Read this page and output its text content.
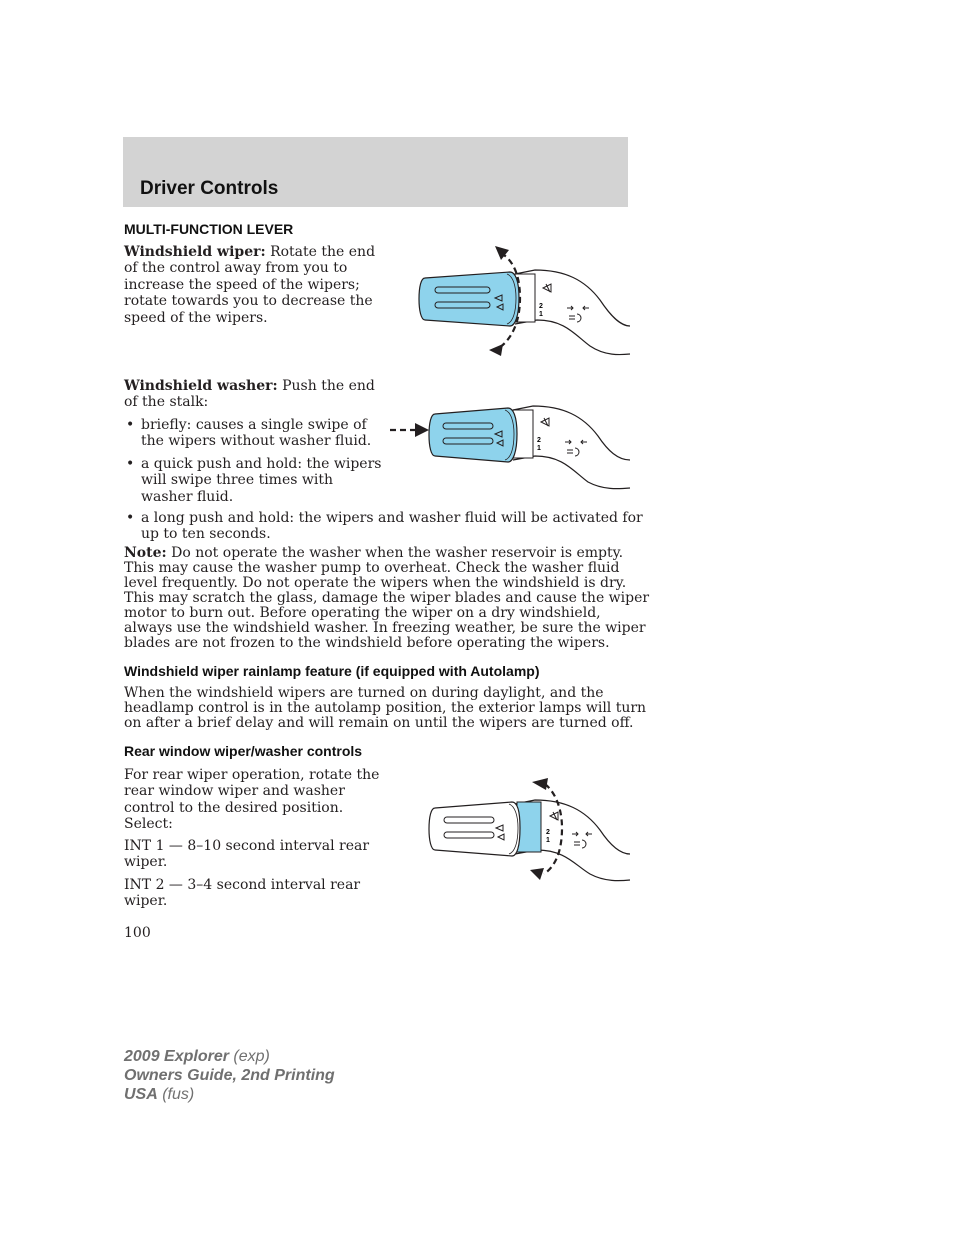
Driver Controls
MULTI-FUNCTION LEVER
Windshield wiper: Rotate the end
of the control away from you to
increase the speed of the wipers;
rotate towards you to decrease the
speed of the wipers.
2
1
Windshield washer: Push the end
of the stalk:
• briefly: causes a single swipe of
the wipers without washer fluid.
• a quick push and hold: the wipers
will swipe three times with
washer fluid.
• a long push and hold: the wipers and washer fluid will be activated for
up to ten seconds.
2
1
Note: Do not operate the washer when the washer reservoir is empty.
This may cause the washer pump to overheat. Check the washer fluid
level frequently. Do not operate the wipers when the windshield is dry.
This may scratch the glass, damage the wiper blades and cause the wiper
motor to burn out. Before operating the wiper on a dry windshield,
always use the windshield washer. In freezing weather, be sure the wiper
blades are not frozen to the windshield before operating the wipers.
Windshield wiper rainlamp feature (if equipped with Autolamp)
When the windshield wipers are turned on during daylight, and the
headlamp control is in the autolamp position, the exterior lamps will turn
on after a brief delay and will remain on until the wipers are turned off.
Rear window wiper/washer controls
For rear wiper operation, rotate the
rear window wiper and washer
control to the desired position.
Select:
INT 1 — 8–10 second interval rear
wiper.
INT 2 — 3–4 second interval rear
wiper.
2
1

100

2009 Explorer (exp)
Owners Guide, 2nd Printing
USA (fus)
